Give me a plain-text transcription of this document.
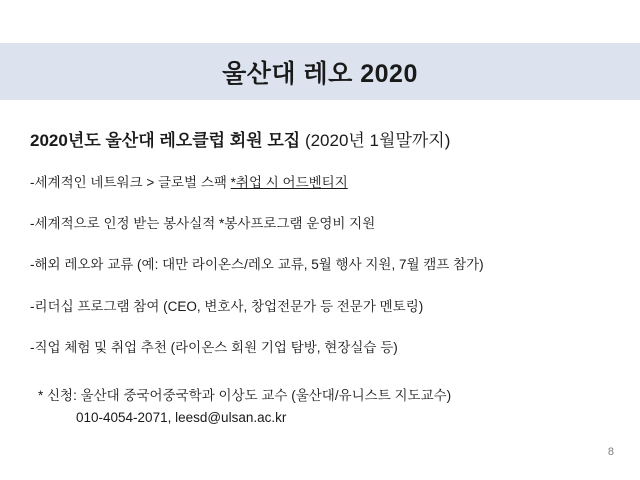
울산대 레오 2020
2020년도 울산대 레오클럽 회원 모집 (2020년 1월말까지)
-세계적인 네트워크 > 글로벌 스팩 *취업 시 어드벤티지
-세계적으로 인정 받는 봉사실적 *봉사프로그램 운영비 지원
-해외 레오와 교류 (예: 대만 라이온스/레오 교류, 5월 행사 지원, 7월 캠프 참가)
-리더십 프로그램 참여 (CEO, 변호사, 창업전문가 등 전문가 멘토링)
-직업 체험 및 취업 추천 (라이온스 회원 기업 탐방, 현장실습 등)
* 신청: 울산대 중국어중국학과 이상도 교수 (울산대/유니스트 지도교수)
010-4054-2071, leesd@ulsan.ac.kr
8
